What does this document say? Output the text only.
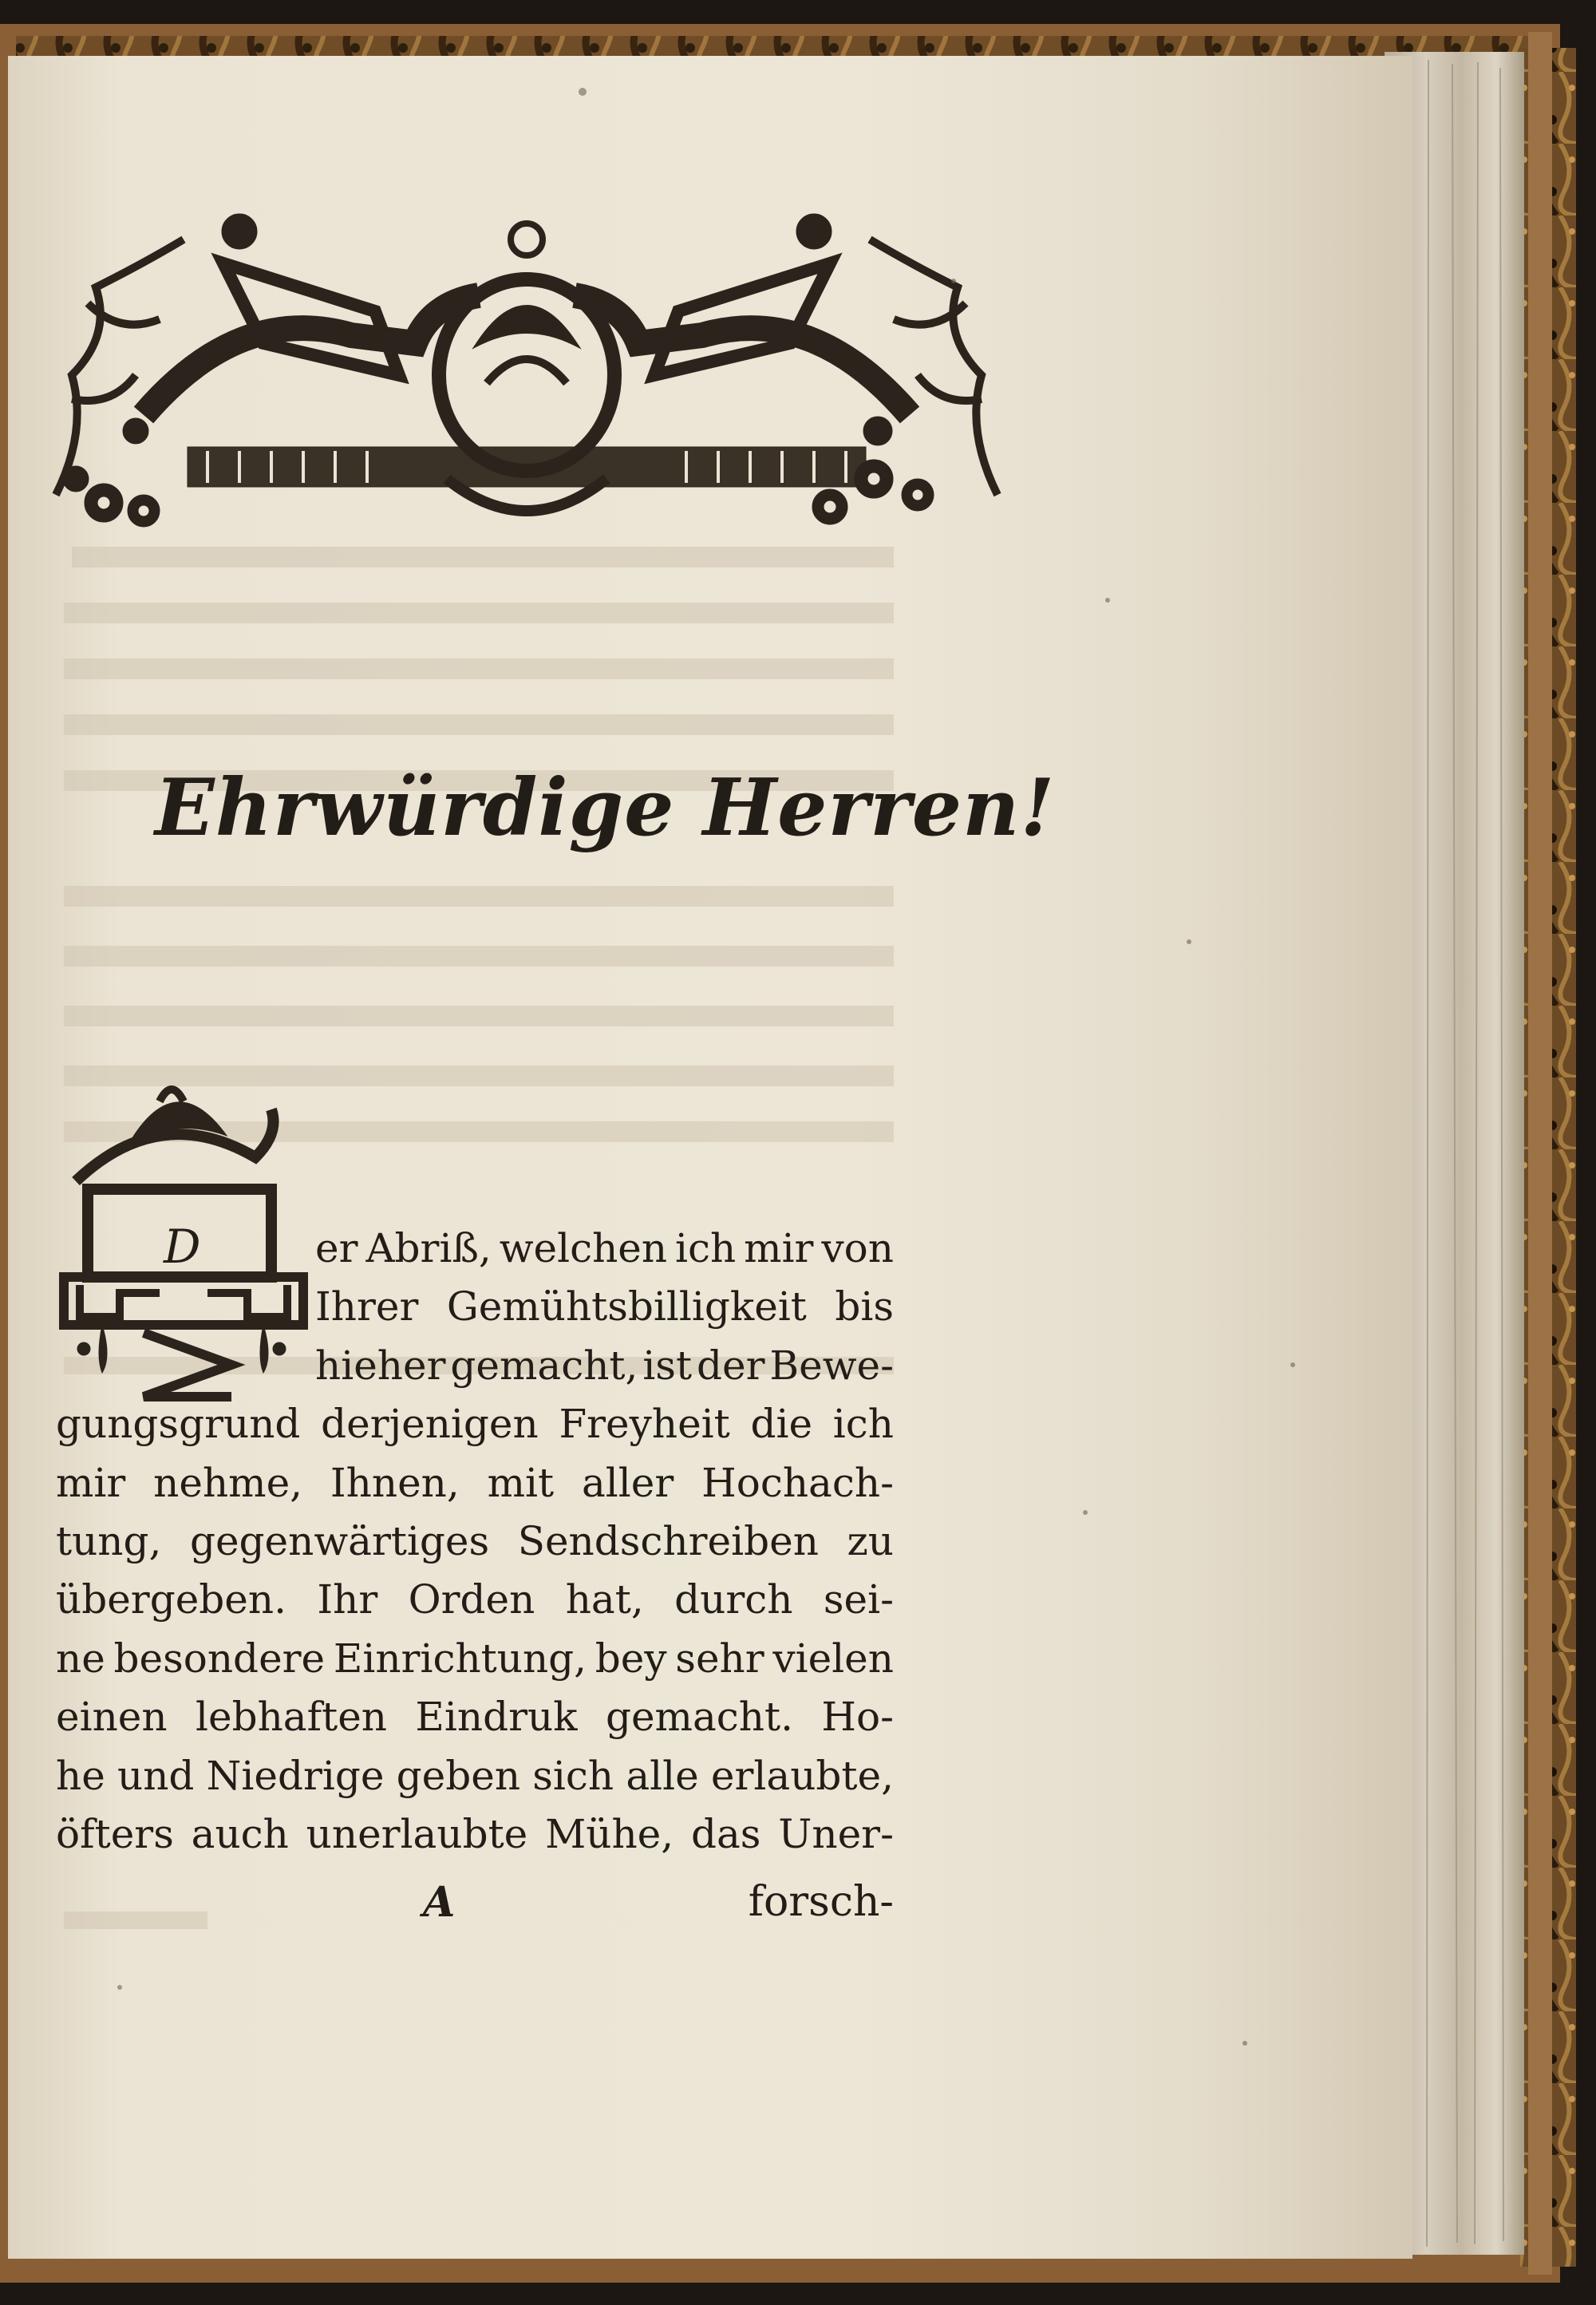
Ehrwürdige Herren!
D	er Abriß, welchen ich mir von
Ihrer Gemühtsbilligkeit bis
hieher gemacht, ist der Bewe-
gungsgrund derjenigen Freyheit die ich
mir nehme, Ihnen, mit aller Hochach-
tung, gegenwärtiges Sendschreiben zu
übergeben. Ihr Orden hat, durch sei-
ne besondere Einrichtung, bey sehr vielen
einen lebhaften Eindruk gemacht. Ho-
he und Niedrige geben sich alle erlaubte,
öfters auch unerlaubte Mühe, das Uner-
A	forsch-
